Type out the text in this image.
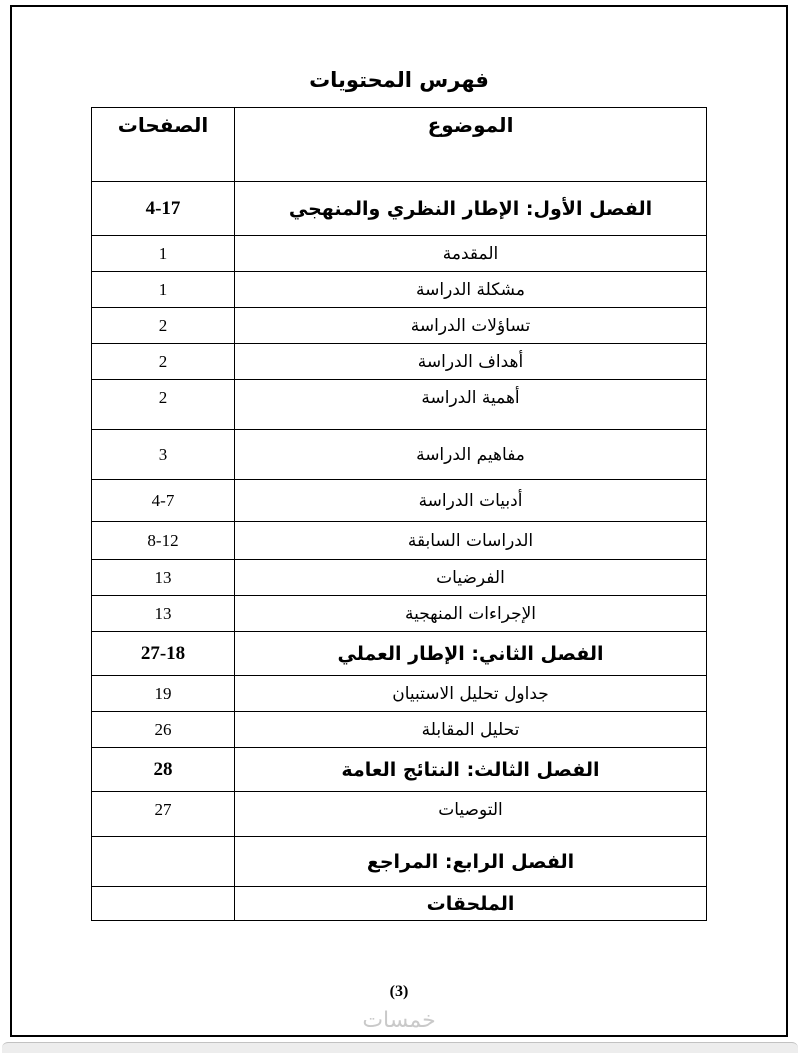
فهرس المحتويات
الموضوع	الصفحات
الفصل الأول: الإطار النظري والمنهجي	4-17
المقدمة	1
مشكلة الدراسة	1
تساؤلات الدراسة	2
أهداف الدراسة	2
أهمية الدراسة	2
مفاهيم الدراسة	3
أدبيات الدراسة	4-7
الدراسات السابقة	8-12
الفرضيات	13
الإجراءات المنهجية	13
الفصل الثاني: الإطار العملي	27-18
جداول تحليل الاستبيان	19
تحليل المقابلة	26
الفصل الثالث: النتائج العامة	28
التوصيات	27
الفصل الرابع: المراجع	
الملحقات	
(3)
خمسات
